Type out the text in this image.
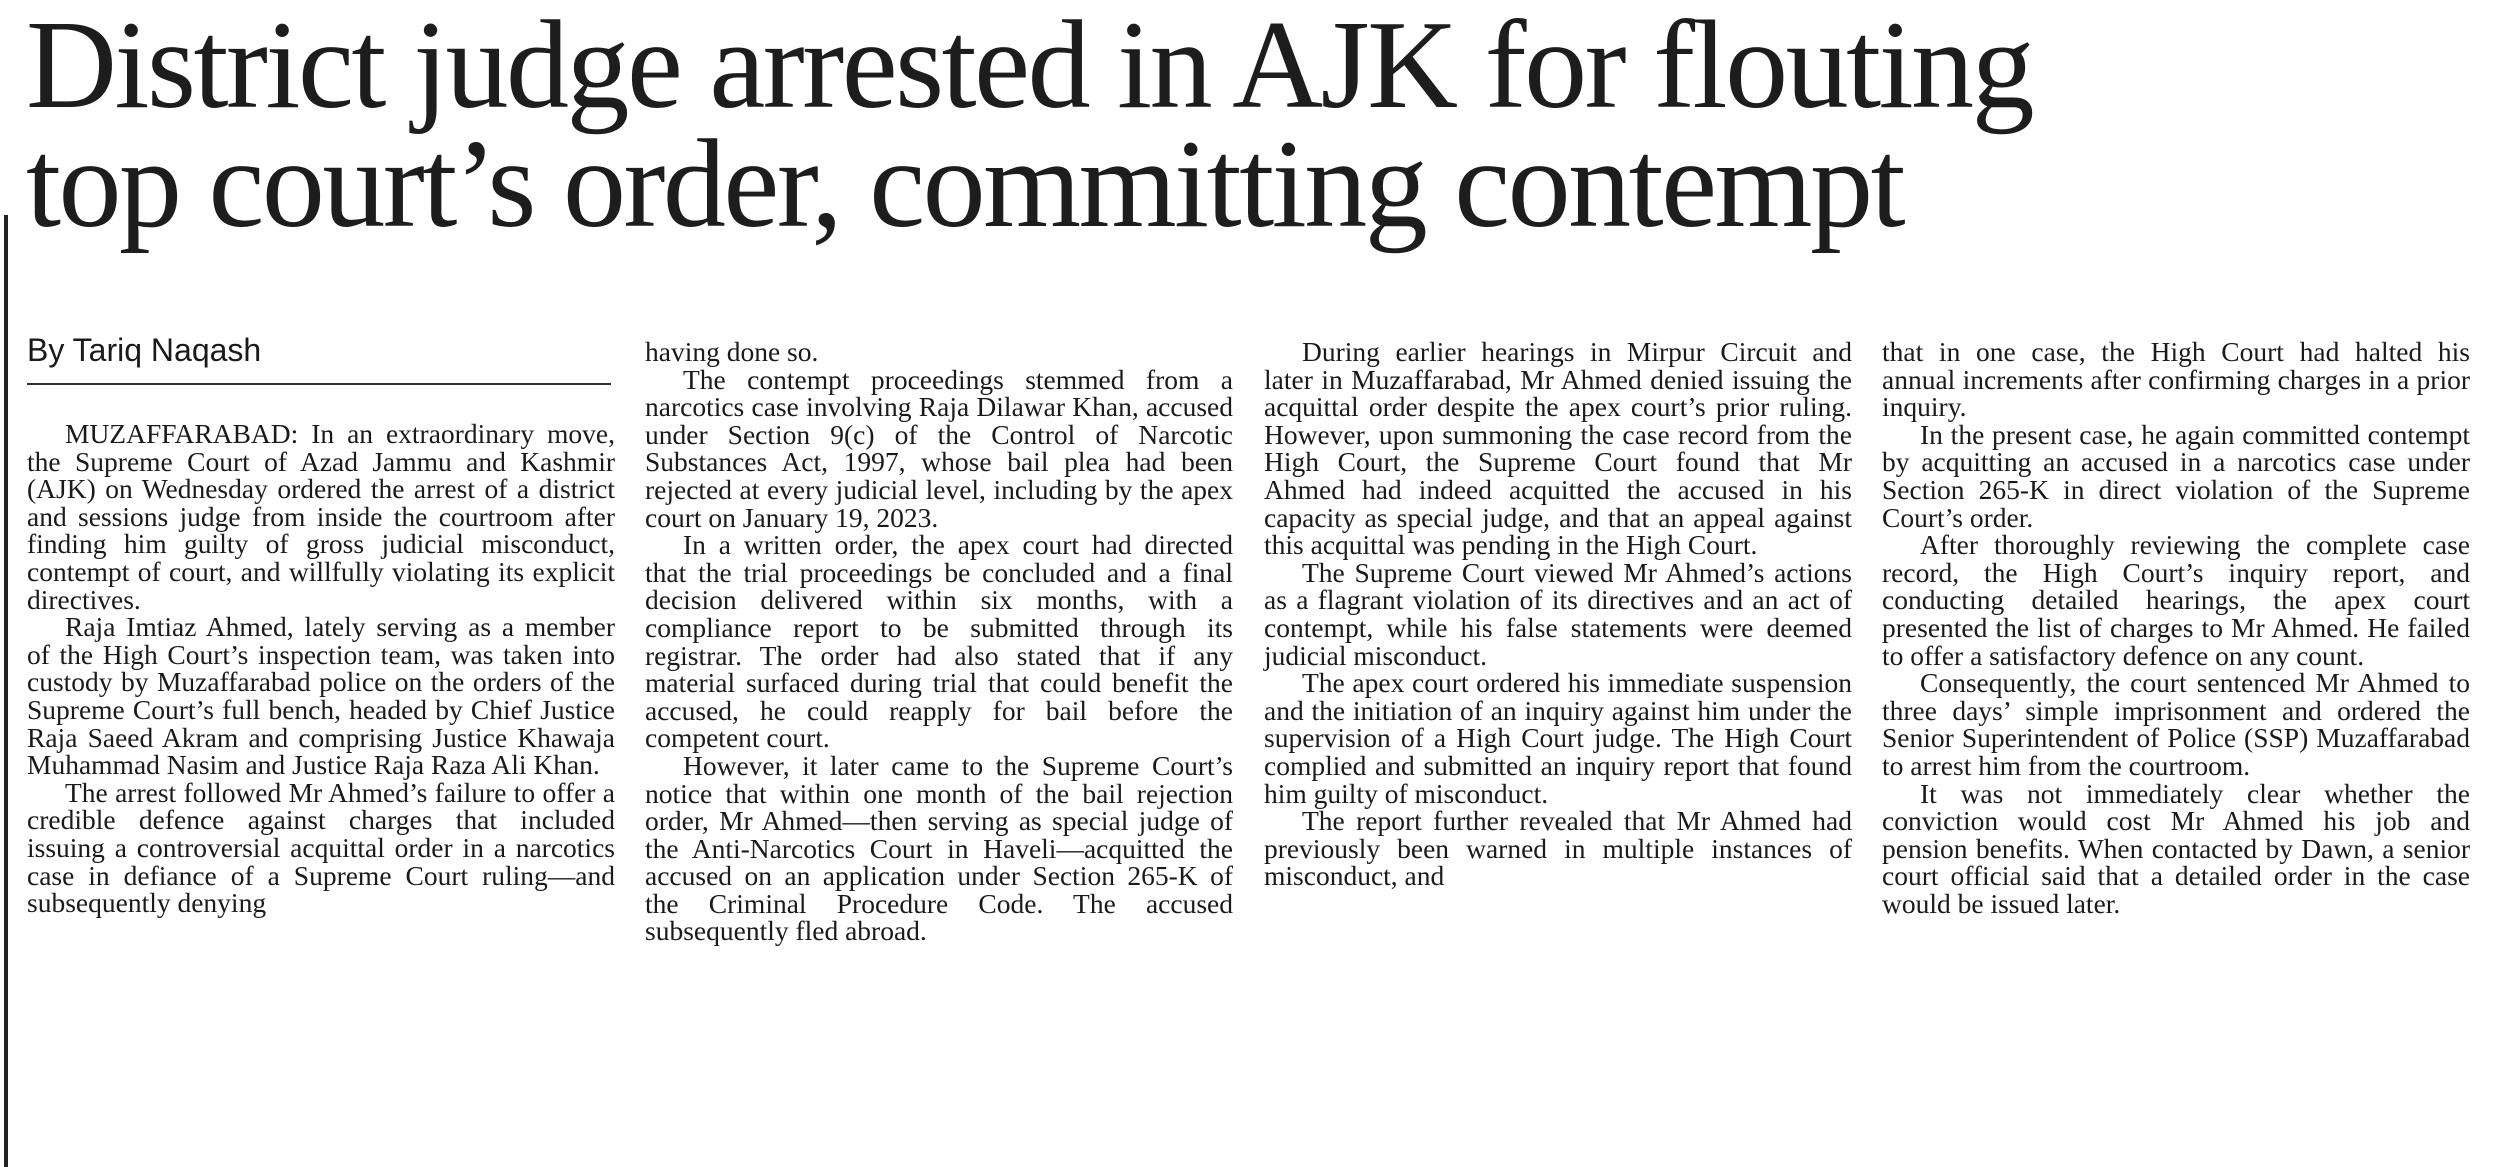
District judge arrested in AJK for flouting
top court’s order, committing contempt
By Tariq Naqash

MUZAFFARABAD: In an extraordinary move, the Supreme Court of Azad Jammu and Kashmir (AJK) on Wednesday ordered the arrest of a district and sessions judge from inside the courtroom after finding him guilty of gross judicial misconduct, contempt of court, and willfully violating its explicit directives.

Raja Imtiaz Ahmed, lately serving as a member of the High Court’s inspection team, was taken into custody by Muzaffarabad police on the orders of the Supreme Court’s full bench, headed by Chief Justice Raja Saeed Akram and comprising Justice Khawaja Muhammad Nasim and Justice Raja Raza Ali Khan.

The arrest followed Mr Ahmed’s failure to offer a credible defence against charges that included issuing a controversial acquittal order in a narcotics case in defiance of a Supreme Court ruling—and subsequently denying

having done so.

The contempt proceedings stemmed from a narcotics case involving Raja Dilawar Khan, accused under Section 9(c) of the Control of Narcotic Substances Act, 1997, whose bail plea had been rejected at every judicial level, including by the apex court on January 19, 2023.

In a written order, the apex court had directed that the trial proceedings be concluded and a final decision delivered within six months, with a compliance report to be submitted through its registrar. The order had also stated that if any material surfaced during trial that could benefit the accused, he could reapply for bail before the competent court.

However, it later came to the Supreme Court’s notice that within one month of the bail rejection order, Mr Ahmed—then serving as special judge of the Anti-Narcotics Court in Haveli—acquitted the accused on an application under Section 265-K of the Criminal Procedure Code. The accused subsequently fled abroad.

During earlier hearings in Mirpur Circuit and later in Muzaffarabad, Mr Ahmed denied issuing the acquittal order despite the apex court’s prior ruling. However, upon summoning the case record from the High Court, the Supreme Court found that Mr Ahmed had indeed acquitted the accused in his capacity as special judge, and that an appeal against this acquittal was pending in the High Court.

The Supreme Court viewed Mr Ahmed’s actions as a flagrant violation of its directives and an act of contempt, while his false statements were deemed judicial misconduct.

The apex court ordered his immediate suspension and the initiation of an inquiry against him under the supervision of a High Court judge. The High Court complied and submitted an inquiry report that found him guilty of misconduct.

The report further revealed that Mr Ahmed had previously been warned in multiple instances of misconduct, and

that in one case, the High Court had halted his annual increments after confirming charges in a prior inquiry.

In the present case, he again committed contempt by acquitting an accused in a narcotics case under Section 265-K in direct violation of the Supreme Court’s order.

After thoroughly reviewing the complete case record, the High Court’s inquiry report, and conducting detailed hearings, the apex court presented the list of charges to Mr Ahmed. He failed to offer a satisfactory defence on any count.

Consequently, the court sentenced Mr Ahmed to three days’ simple imprisonment and ordered the Senior Superintendent of Police (SSP) Muzaffarabad to arrest him from the courtroom.

It was not immediately clear whether the conviction would cost Mr Ahmed his job and pension benefits. When contacted by Dawn, a senior court official said that a detailed order in the case would be issued later.
